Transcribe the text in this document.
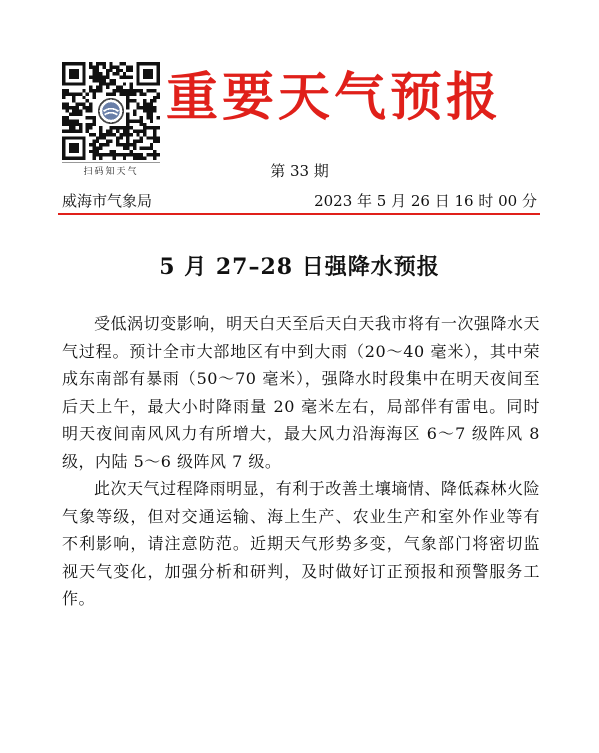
扫码知天气
重要天气预报
第 33 期
威海市气象局	2023 年 5 月 26 日 16 时 00 分
5 月 27–28 日强降水预报

受低涡切变影响，明天白天至后天白天我市将有一次强降水天气过程。预计全市大部地区有中到大雨（20～40 毫米），其中荣成东南部有暴雨（50～70 毫米），强降水时段集中在明天夜间至后天上午，最大小时降雨量 20 毫米左右，局部伴有雷电。同时明天夜间南风风力有所增大，最大风力沿海海区 6～7 级阵风 8 级，内陆 5～6 级阵风 7 级。

此次天气过程降雨明显，有利于改善土壤墒情、降低森林火险气象等级，但对交通运输、海上生产、农业生产和室外作业等有不利影响，请注意防范。近期天气形势多变，气象部门将密切监视天气变化，加强分析和研判，及时做好订正预报和预警服务工作。
